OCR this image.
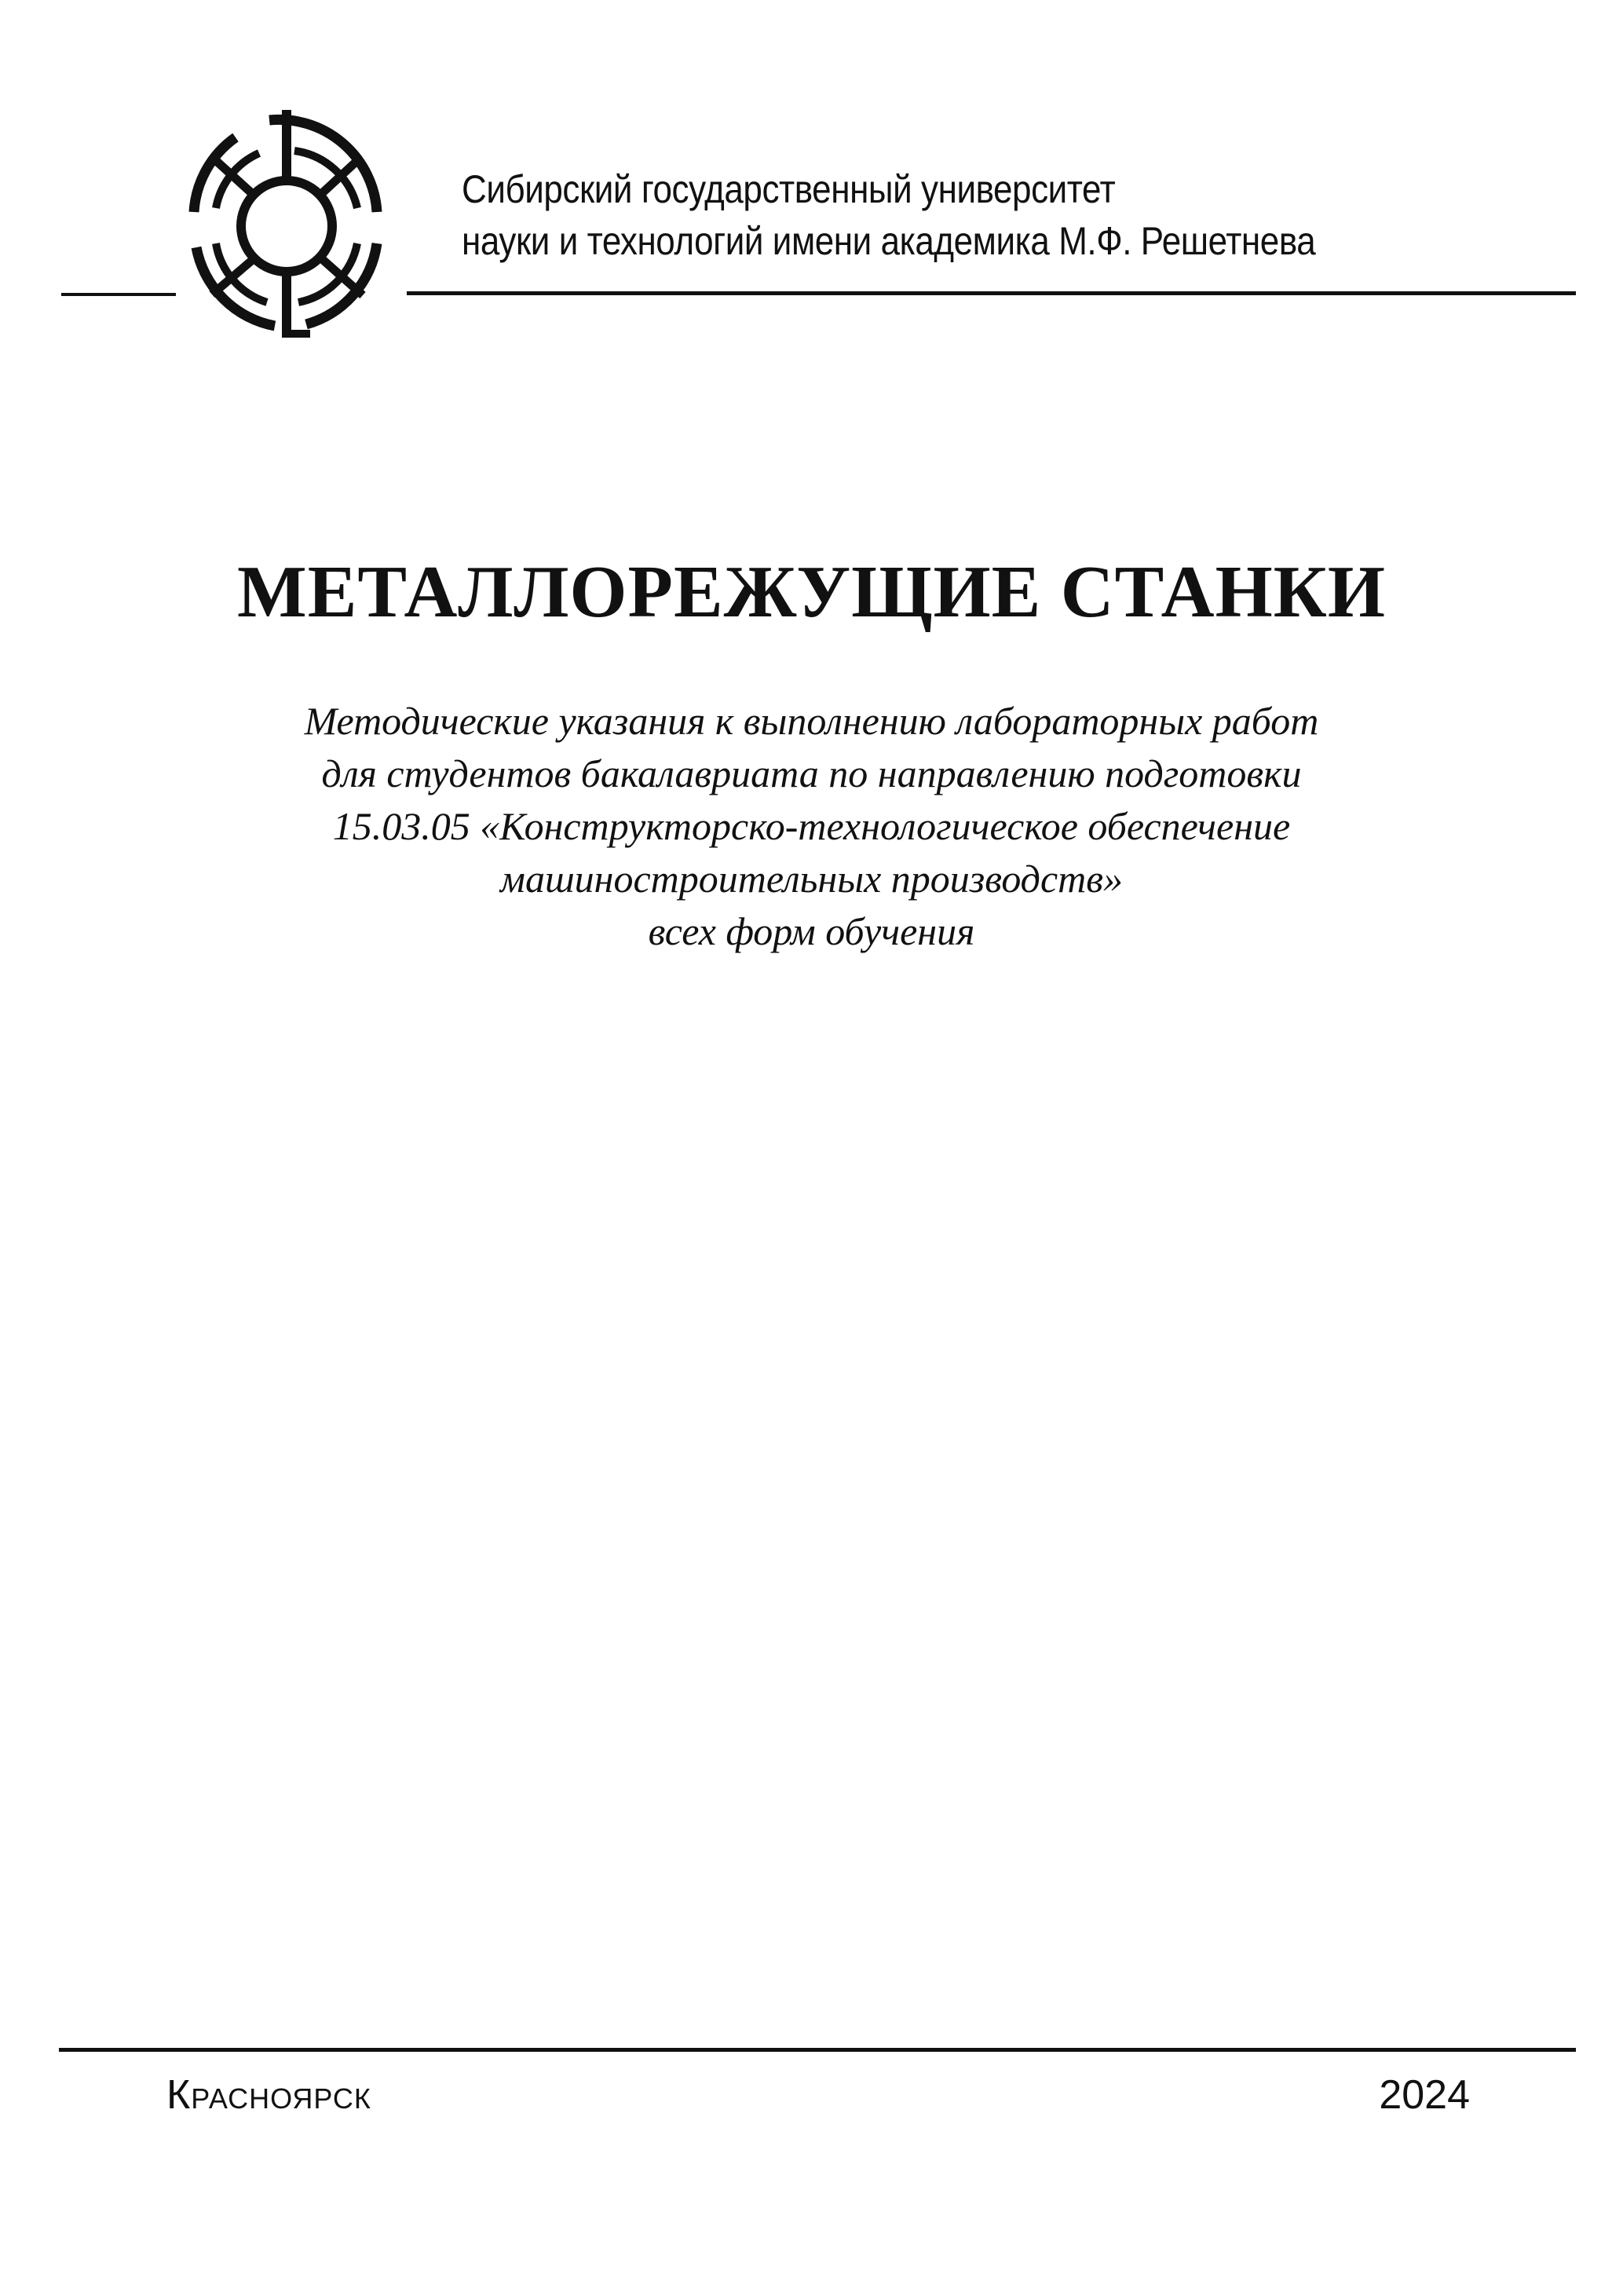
Сибирский государственный университет
науки и технологий имени академика М.Ф. Решетнева
МЕТАЛЛОРЕЖУЩИЕ СТАНКИ
Методические указания к выполнению лабораторных работ
для студентов бакалавриата по направлению подготовки
15.03.05 «Конструкторско-технологическое обеспечение
машиностроительных производств»
всех форм обучения
Красноярск	2024
